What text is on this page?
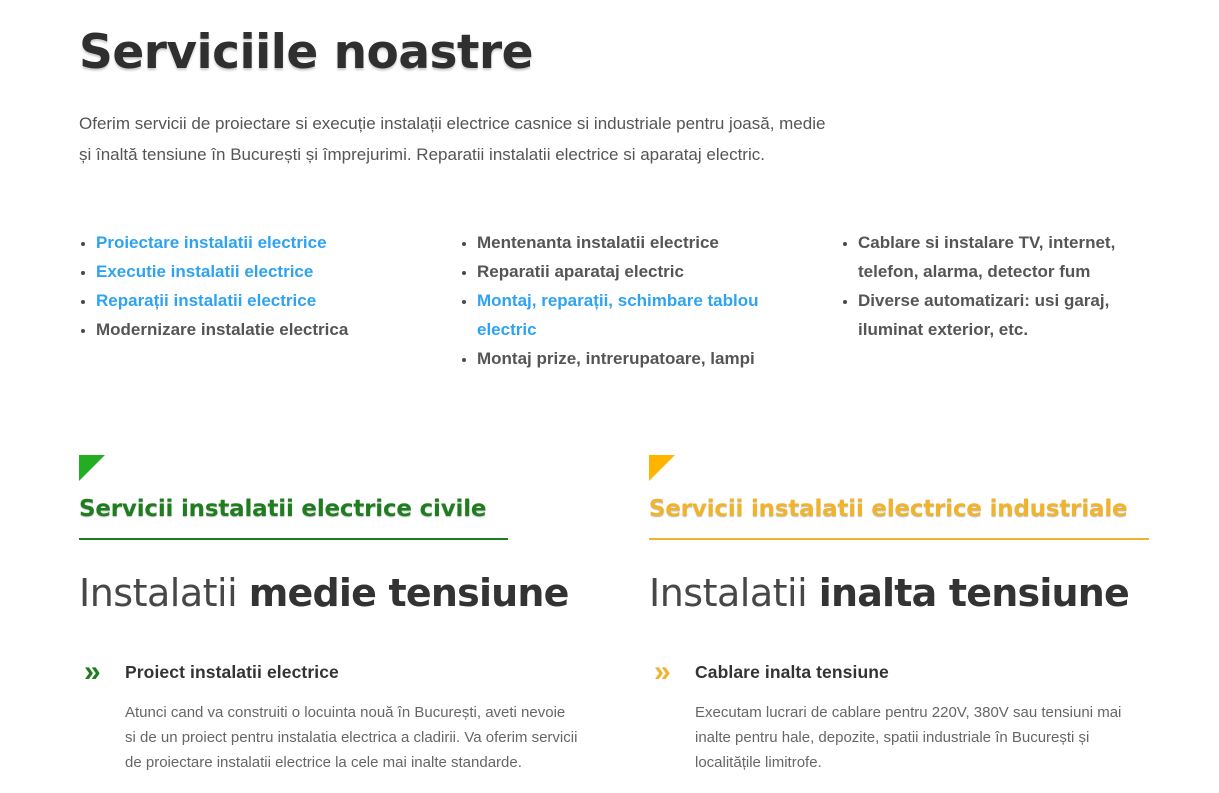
Serviciile noastre

Oferim servicii de proiectare si execuție instalații electrice casnice si industriale pentru joasă, medie și înaltă tensiune în București și împrejurimi. Reparatii instalatii electrice si aparataj electric.

• Proiectare instalatii electrice
• Executie instalatii electrice
• Reparații instalatii electrice
• Modernizare instalatie electrica
• Mentenanta instalatii electrice
• Reparatii aparataj electric
• Montaj, reparații, schimbare tablou electric
• Montaj prize, intrerupatoare, lampi
• Cablare si instalare TV, internet, telefon, alarma, detector fum
• Diverse automatizari: usi garaj, iluminat exterior, etc.
Servicii instalatii electrice civile
Instalatii medie tensiune
»	Proiect instalatii electrice

Atunci cand va construiti o locuinta nouă în București, aveti nevoie si de un proiect pentru instalatia electrica a cladirii. Va oferim servicii de proiectare instalatii electrice la cele mai inalte standarde.

Servicii instalatii electrice industriale
Instalatii inalta tensiune
»	Cablare inalta tensiune

Executam lucrari de cablare pentru 220V, 380V sau tensiuni mai inalte pentru hale, depozite, spatii industriale în București și localitățile limitrofe.
